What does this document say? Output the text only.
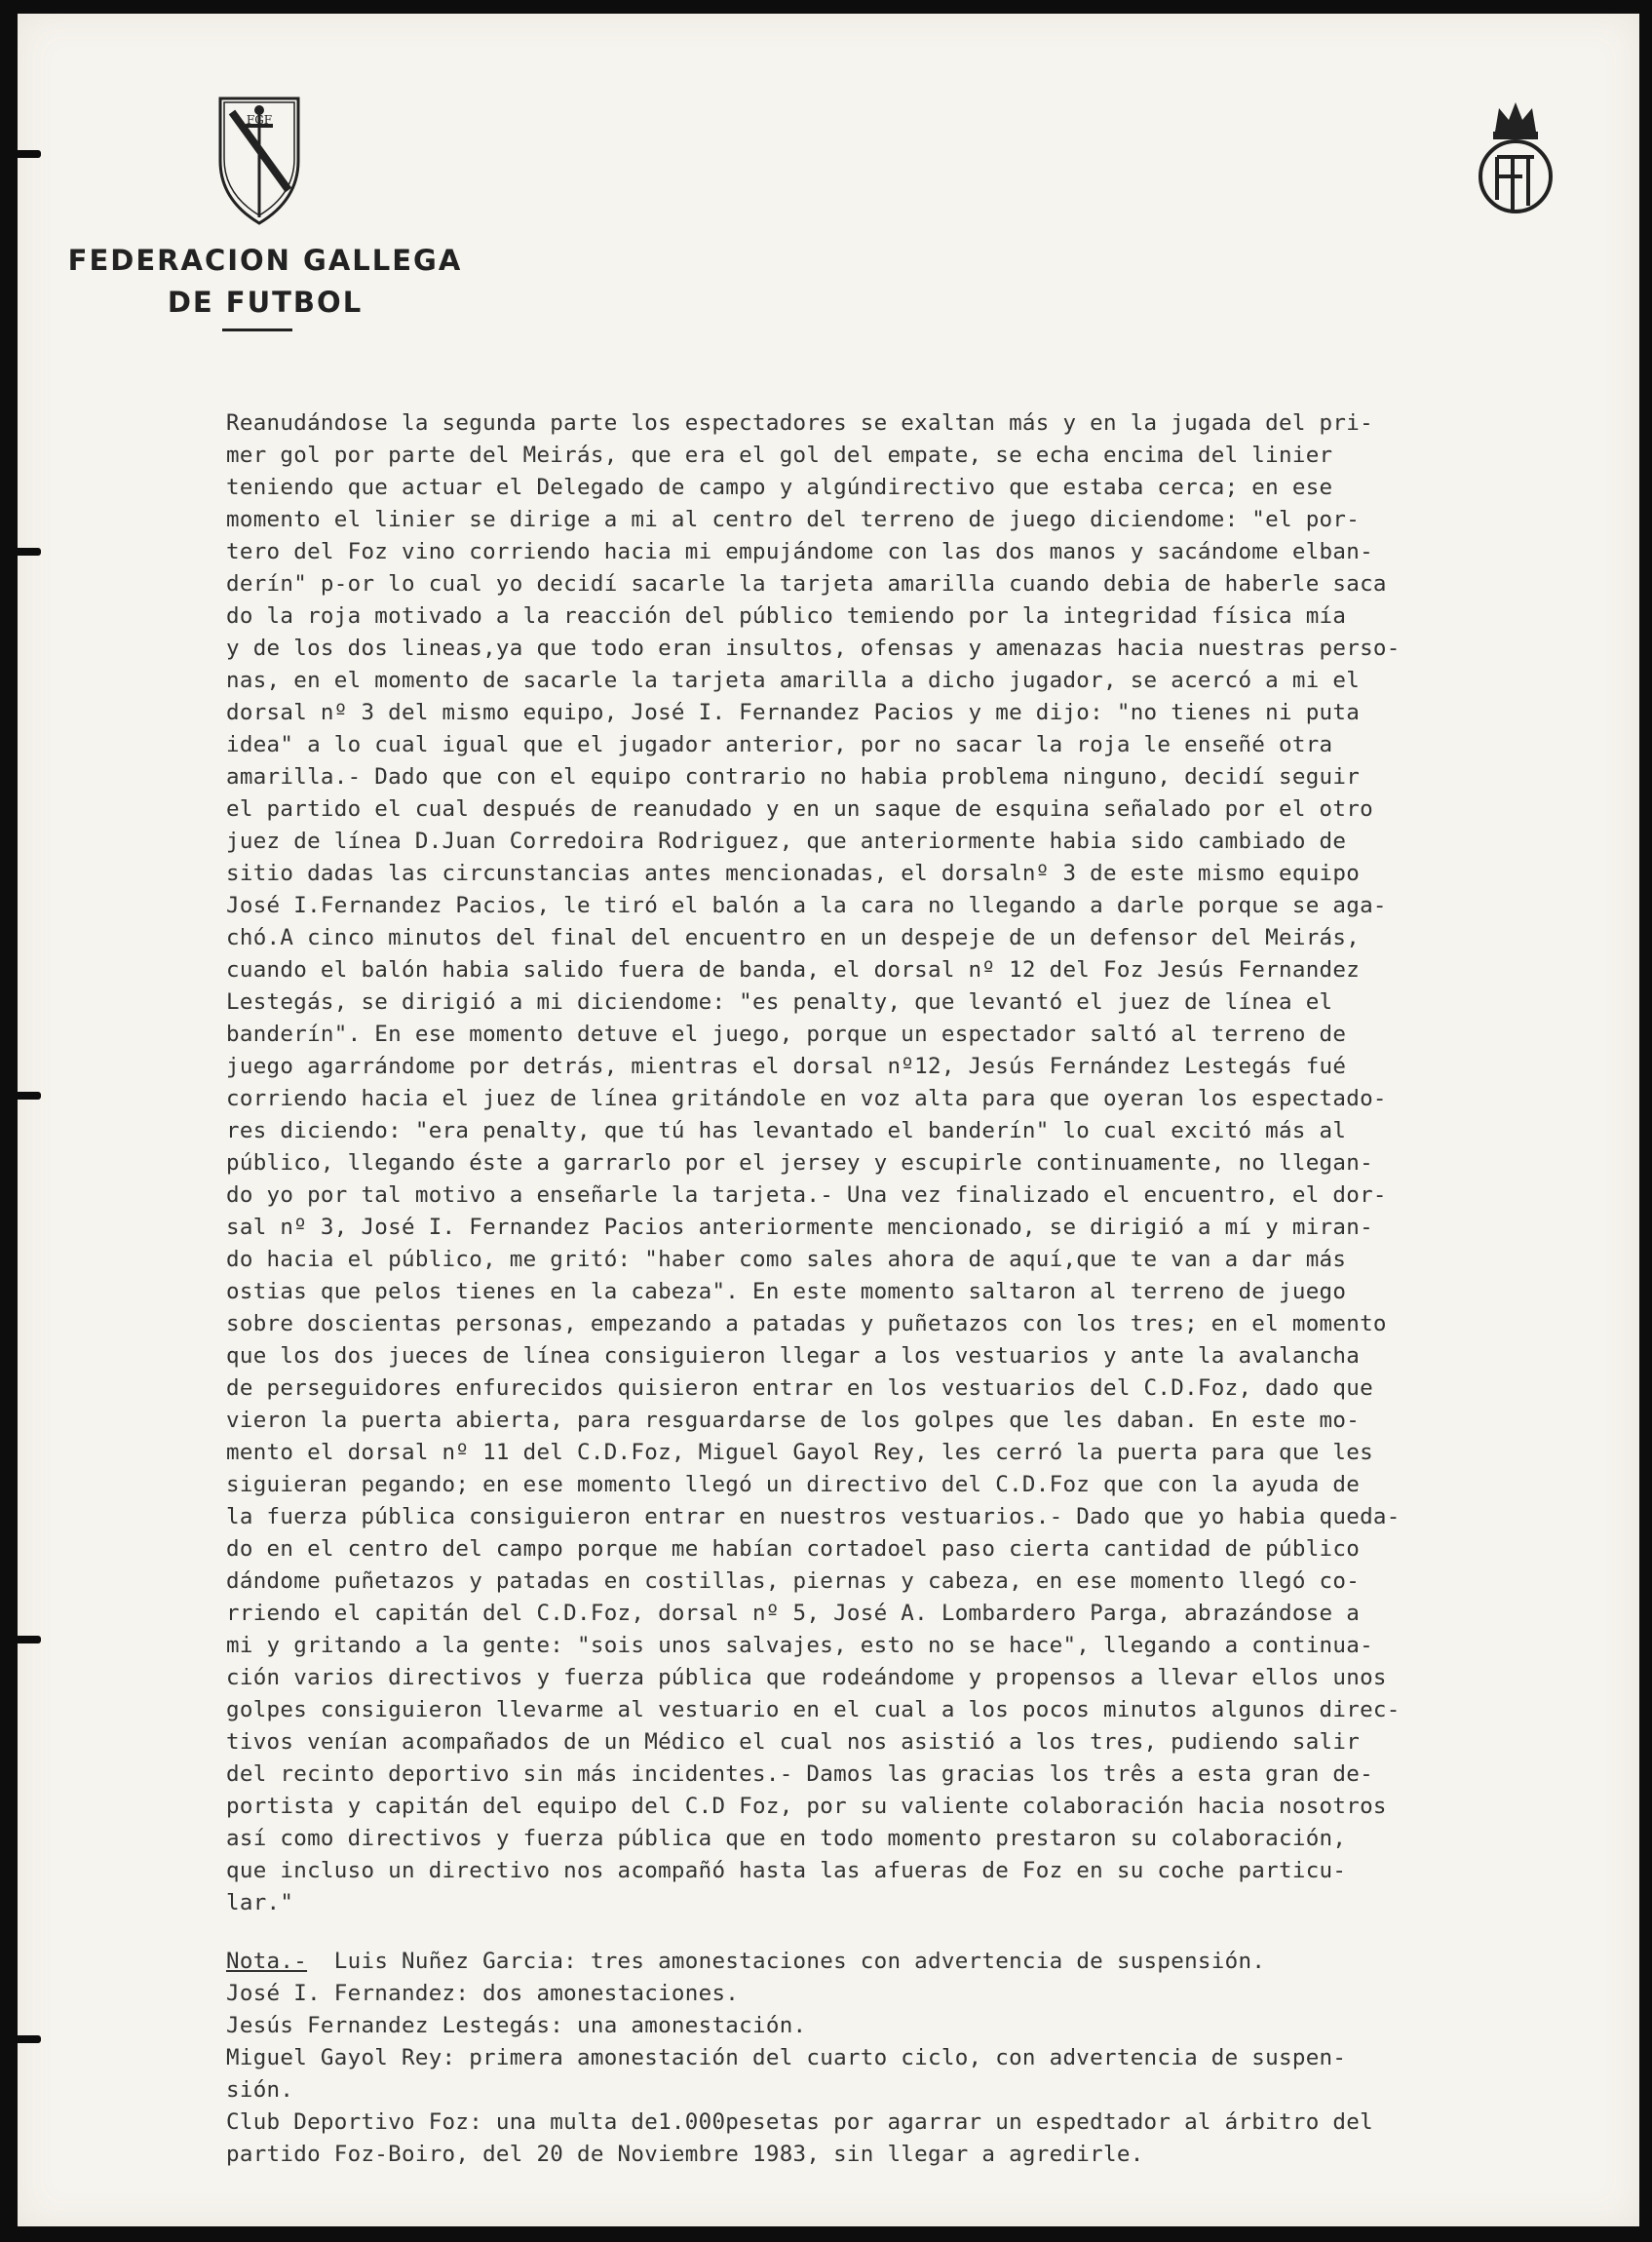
FGF
FEDERACION GALLEGA
DE FUTBOL
Reanudándose la segunda parte los espectadores se exaltan más y en la jugada del pri-
mer gol por parte del Meirás, que era el gol del empate, se echa encima del linier
teniendo que actuar el Delegado de campo y algúndirectivo que estaba cerca; en ese
momento el linier se dirige a mi al centro del terreno de juego diciendome: "el por-
tero del Foz vino corriendo hacia mi empujándome con las dos manos y sacándome elban-
derín" p-or lo cual yo decidí sacarle la tarjeta amarilla cuando debia de haberle saca
do la roja motivado a la reacción del público temiendo por la integridad física mía
y de los dos lineas,ya que todo eran insultos, ofensas y amenazas hacia nuestras perso-
nas, en el momento de sacarle la tarjeta amarilla a dicho jugador, se acercó a mi el
dorsal nº 3 del mismo equipo, José I. Fernandez Pacios y me dijo: "no tienes ni puta
idea" a lo cual igual que el jugador anterior, por no sacar la roja le enseñé otra
amarilla.- Dado que con el equipo contrario no habia problema ninguno, decidí seguir
el partido el cual después de reanudado y en un saque de esquina señalado por el otro
juez de línea D.Juan Corredoira Rodriguez, que anteriormente habia sido cambiado de
sitio dadas las circunstancias antes mencionadas, el dorsalnº 3 de este mismo equipo
José I.Fernandez Pacios, le tiró el balón a la cara no llegando a darle porque se aga-
chó.A cinco minutos del final del encuentro en un despeje de un defensor del Meirás,
cuando el balón habia salido fuera de banda, el dorsal nº 12 del Foz Jesús Fernandez
Lestegás, se dirigió a mi diciendome: "es penalty, que levantó el juez de línea el
banderín". En ese momento detuve el juego, porque un espectador saltó al terreno de
juego agarrándome por detrás, mientras el dorsal nº12, Jesús Fernández Lestegás fué
corriendo hacia el juez de línea gritándole en voz alta para que oyeran los espectado-
res diciendo: "era penalty, que tú has levantado el banderín" lo cual excitó más al
público, llegando éste a garrarlo por el jersey y escupirle continuamente, no llegan-
do yo por tal motivo a enseñarle la tarjeta.- Una vez finalizado el encuentro, el dor-
sal nº 3, José I. Fernandez Pacios anteriormente mencionado, se dirigió a mí y miran-
do hacia el público, me gritó: "haber como sales ahora de aquí,que te van a dar más
ostias que pelos tienes en la cabeza". En este momento saltaron al terreno de juego
sobre doscientas personas, empezando a patadas y puñetazos con los tres; en el momento
que los dos jueces de línea consiguieron llegar a los vestuarios y ante la avalancha
de perseguidores enfurecidos quisieron entrar en los vestuarios del C.D.Foz, dado que
vieron la puerta abierta, para resguardarse de los golpes que les daban. En este mo-
mento el dorsal nº 11 del C.D.Foz, Miguel Gayol Rey, les cerró la puerta para que les
siguieran pegando; en ese momento llegó un directivo del C.D.Foz que con la ayuda de
la fuerza pública consiguieron entrar en nuestros vestuarios.- Dado que yo habia queda-
do en el centro del campo porque me habían cortadoel paso cierta cantidad de público
dándome puñetazos y patadas en costillas, piernas y cabeza, en ese momento llegó co-
rriendo el capitán del C.D.Foz, dorsal nº 5, José A. Lombardero Parga, abrazándose a
mi y gritando a la gente: "sois unos salvajes, esto no se hace", llegando a continua-
ción varios directivos y fuerza pública que rodeándome y propensos a llevar ellos unos
golpes consiguieron llevarme al vestuario en el cual a los pocos minutos algunos direc-
tivos venían acompañados de un Médico el cual nos asistió a los tres, pudiendo salir
del recinto deportivo sin más incidentes.- Damos las gracias los três a esta gran de-
portista y capitán del equipo del C.D Foz, por su valiente colaboración hacia nosotros
así como directivos y fuerza pública que en todo momento prestaron su colaboración,
que incluso un directivo nos acompañó hasta las afueras de Foz en su coche particu-
lar."
Nota.- Luis Nuñez Garcia: tres amonestaciones con advertencia de suspensión.
José I. Fernandez: dos amonestaciones.
Jesús Fernandez Lestegás: una amonestación.
Miguel Gayol Rey: primera amonestación del cuarto ciclo, con advertencia de suspen-
sión.
Club Deportivo Foz: una multa de1.000pesetas por agarrar un espedtador al árbitro del
partido Foz-Boiro, del 20 de Noviembre 1983, sin llegar a agredirle.
